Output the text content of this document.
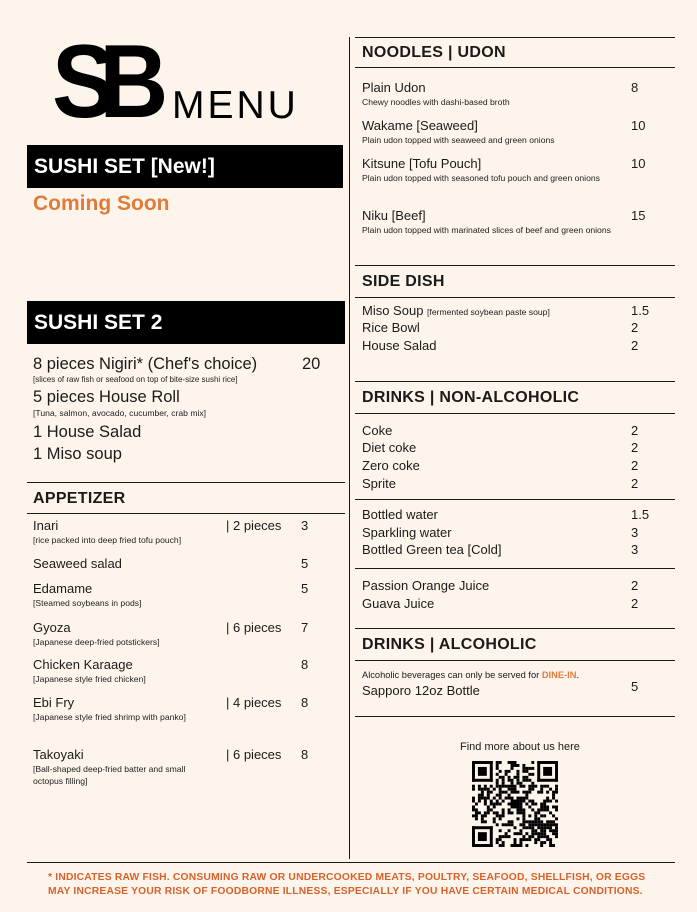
SB MENU
SUSHI SET [New!]
Coming Soon
SUSHI SET 2
8 pieces Nigiri* (Chef's choice)	20
[slices of raw fish or seafood on top of bite-size sushi rice]
5 pieces House Roll
[Tuna, salmon, avocado, cucumber, crab mix]
1 House Salad
1 Miso soup
APPETIZER
NOODLES | UDON
SIDE DISH
Miso Soup [fermented soybean paste soup]	1.5
Rice Bowl	2
House Salad	2
DRINKS | NON-ALCOHOLIC
DRINKS | ALCOHOLIC
Alcoholic beverages can only be served for DINE-IN.
Sapporo 12oz Bottle	5
Find more about us here
* INDICATES RAW FISH. CONSUMING RAW OR UNDERCOOKED MEATS, POULTRY, SEAFOOD, SHELLFISH, OR EGGS
MAY INCREASE YOUR RISK OF FOODBORNE ILLNESS, ESPECIALLY IF YOU HAVE CERTAIN MEDICAL CONDITIONS.
Inari	| 2 pieces 3
[rice packed into deep fried tofu pouch]
Seaweed salad	5
Edamame	5
[Steamed soybeans in pods]
Gyoza	| 6 pieces 7
[Japanese deep-fried potstickers]
Chicken Karaage	8
[Japanese style fried chicken]
Ebi Fry	| 4 pieces 8
[Japanese style fried shrimp with panko]
Takoyaki	| 6 pieces 8
[Ball-shaped deep-fried batter and small octopus filling]
Plain Udon	8
Chewy noodles with dashi-based broth
Wakame [Seaweed]	10
Plain udon topped with seaweed and green onions
Kitsune [Tofu Pouch]	10
Plain udon topped with seasoned tofu pouch and green onions
Niku [Beef]	15
Plain udon topped with marinated slices of beef and green onions
Coke	2
Diet coke	2
Zero coke	2
Sprite	2
Bottled water	1.5
Sparkling water	3
Bottled Green tea [Cold]	3
Passion Orange Juice	2
Guava Juice	2
